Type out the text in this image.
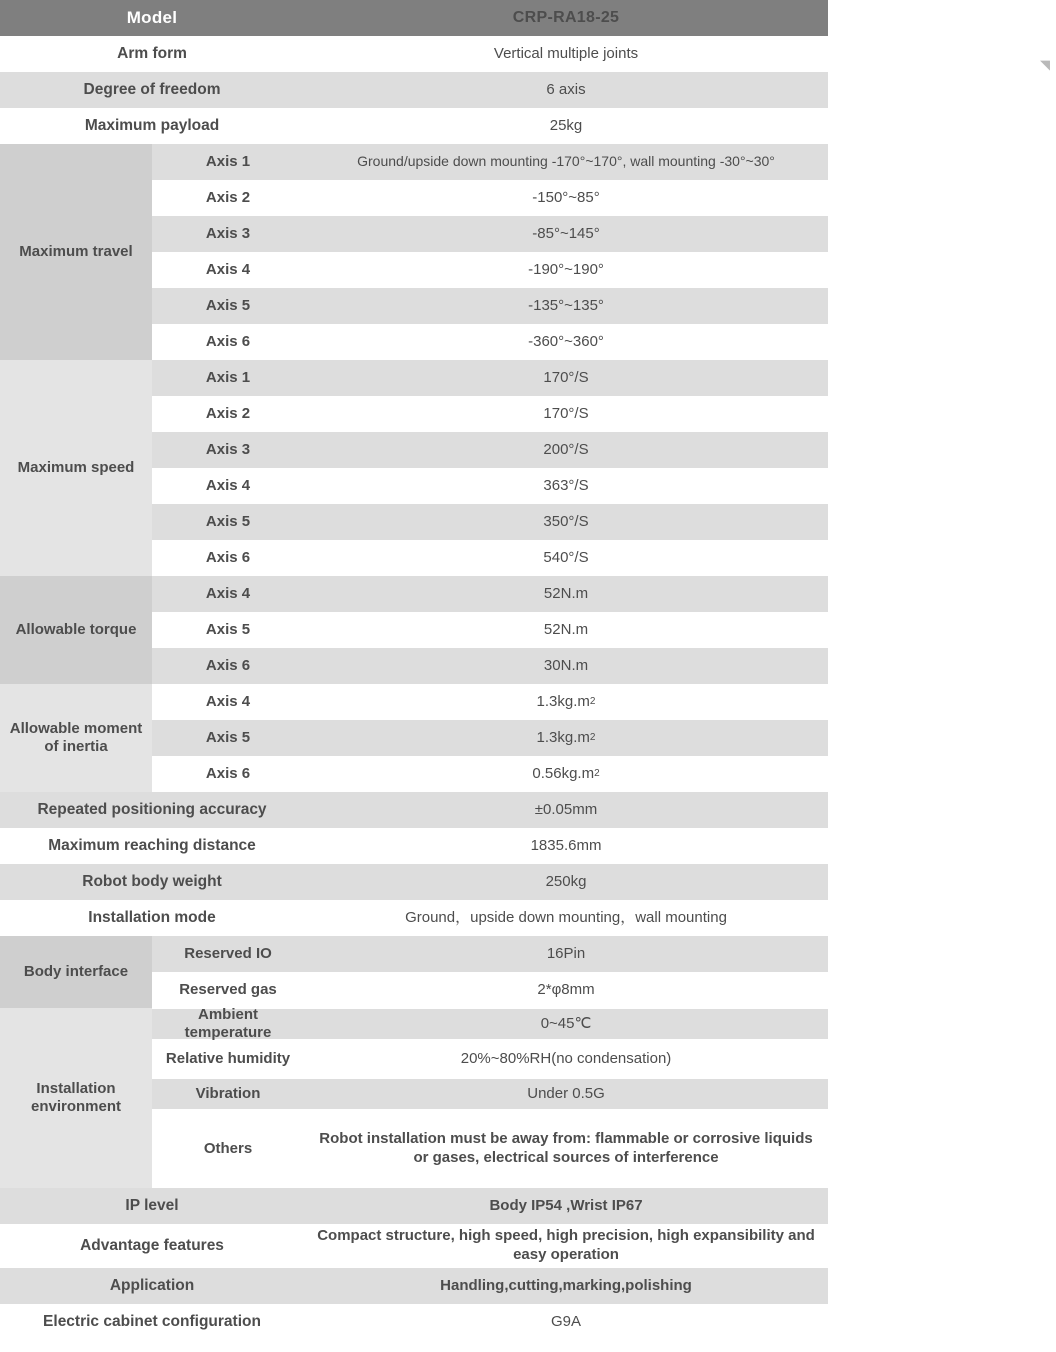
Model		CRP-RA18-25

Arm form		Vertical multiple joints

Degree of freedom		6 axis

Maximum payload		25kg

Maximum travel	Axis 1	Ground/upside down mounting -170°~170°, wall mounting -30°~30°

Axis 2	-150°~85°

Axis 3	-85°~145°

Axis 4	-190°~190°

Axis 5	-135°~135°

Axis 6	-360°~360°

Maximum speed	Axis 1	170°/S

Axis 2	170°/S

Axis 3	200°/S

Axis 4	363°/S

Axis 5	350°/S

Axis 6	540°/S

Allowable torque	Axis 4	52N.m

Axis 5	52N.m

Axis 6	30N.m

Allowable moment of inertia	Axis 4	1.3kg.m 2

Axis 5	1.3kg.m 2

Axis 6	0.56kg.m 2

Repeated positioning accuracy		±0.05mm

Maximum reaching distance		1835.6mm

Robot body weight		250kg

Installation mode		Ground，upside down mounting，wall mounting

Body interface	Reserved IO	16Pin

Reserved gas	2*φ8mm

Installation environment	Ambient temperature	0~45℃

Relative humidity	20%~80%RH(no condensation)

Vibration	Under 0.5G

Others	Robot installation must be away from: flammable or corrosive liquids or gases, electrical sources of interference

IP level		Body IP54 ,Wrist IP67

Advantage features		Compact structure, high speed, high precision, high expansibility and easy operation

Application		Handling,cutting,marking,polishing

Electric cabinet configuration		G9A
◥
